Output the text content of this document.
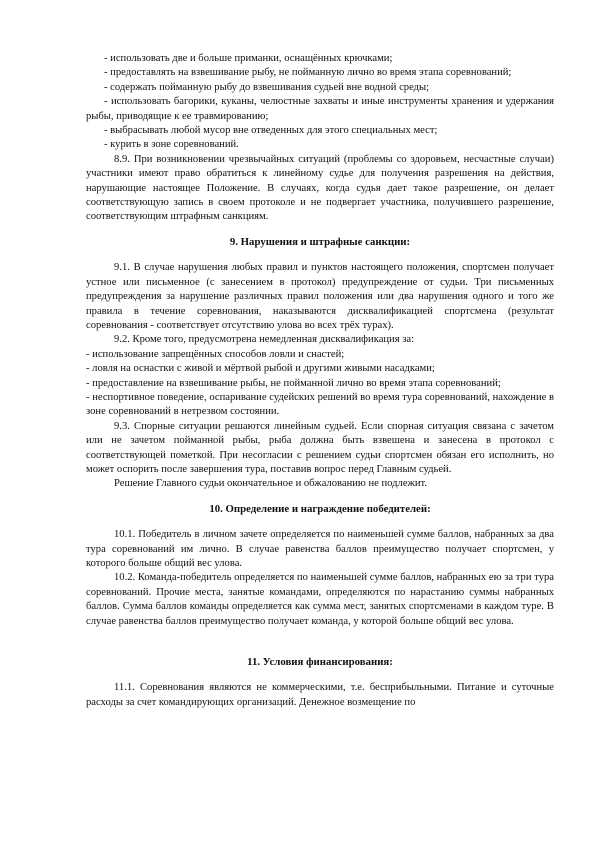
- использовать две и больше приманки, оснащённых крючками;

- предоставлять на взвешивание рыбу, не пойманную лично во время этапа соревнований;

- содержать пойманную рыбу до взвешивания судьей вне водной среды;

- использовать багорики, куканы, челюстные захваты и иные инструменты хранения и удержания рыбы, приводящие к ее травмированию;

- выбрасывать любой мусор вне отведенных для этого специальных мест;

- курить в зоне соревнований.

8.9. При возникновении чрезвычайных ситуаций (проблемы со здоровьем, несчастные случаи) участники имеют право обратиться к линейному судье для получения разрешения на действия, нарушающие настоящее Положение. В случаях, когда судья дает такое разрешение, он делает соответствующую запись в своем протоколе и не подвергает участника, получившего разрешение, соответствующим штрафным санкциям.

9. Нарушения и штрафные санкции:

9.1. В случае нарушения любых правил и пунктов настоящего положения, спортсмен получает устное или письменное (с занесением в протокол) предупреждение от судьи. Три письменных предупреждения за нарушение различных правил положения или два нарушения одного и того же правила в течение соревнования, наказываются дисквалификацией спортсмена (результат соревнования - соответствует отсутствию улова во всех трёх турах).

9.2. Кроме того, предусмотрена немедленная дисквалификация за:

- использование запрещённых способов ловли и снастей;

- ловля на оснастки с живой и мёртвой рыбой и другими живыми насадками;

- предоставление на взвешивание рыбы, не пойманной лично во время этапа соревнований;

- неспортивное поведение, оспаривание судейских решений во время тура соревнований, нахождение в зоне соревнований в нетрезвом состоянии.

9.3. Спорные ситуации решаются линейным судьей. Если спорная ситуация связана с зачетом или не зачетом пойманной рыбы, рыба должна быть взвешена и занесена в протокол с соответствующей пометкой. При несогласии с решением судьи спортсмен обязан его исполнить, но может оспорить после завершения тура, поставив вопрос перед Главным судьей.

Решение Главного судьи окончательное и обжалованию не подлежит.

10. Определение и награждение победителей:

10.1. Победитель в личном зачете определяется по наименьшей сумме баллов, набранных за два тура соревнований им лично. В случае равенства баллов преимущество получает спортсмен, у которого больше общий вес улова.

10.2. Команда-победитель определяется по наименьшей сумме баллов, набранных ею за три тура соревнований. Прочие места, занятые командами, определяются по нарастанию суммы набранных баллов. Сумма баллов команды определяется как сумма мест, занятых спортсменами в каждом туре. В случае равенства баллов преимущество получает команда, у которой больше общий вес улова.

11. Условия финансирования:

11.1. Соревнования являются не коммерческими, т.е. бесприбыльными. Питание и суточные расходы за счет командирующих организаций. Денежное возмещение по
